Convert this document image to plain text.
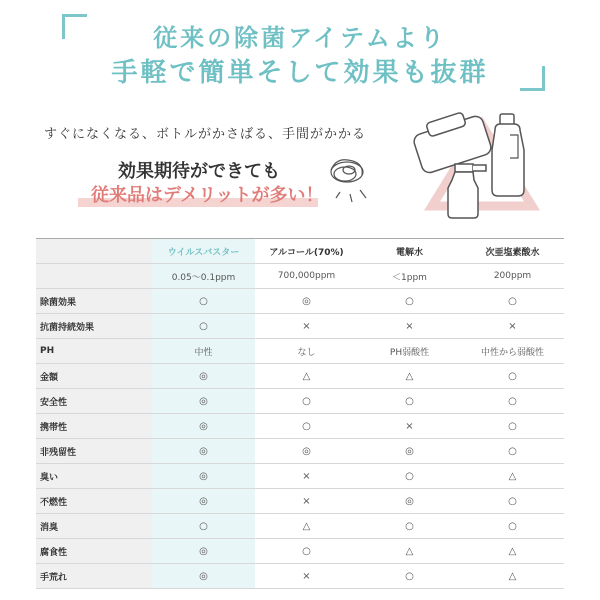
従来の除菌アイテムより
手軽で簡単そして効果も抜群
すぐになくなる、ボトルがかさばる、手間がかかる
効果期待ができても
従来品はデメリットが多い！
	ウイルスバスター	アルコール(70%)	電解水	次亜塩素酸水
	0.05〜0.1ppm	700,000ppm	＜1ppm	200ppm
除菌効果	○	◎	○	○
抗菌持続効果	○	×	×	×
PH	中性	なし	PH弱酸性	中性から弱酸性
金額	◎	△	△	○
安全性	◎	○	○	○
携帯性	◎	○	×	○
非残留性	◎	◎	◎	○
臭い	◎	×	○	△
不燃性	◎	×	◎	○
消臭	○	△	○	○
腐食性	◎	○	△	△
手荒れ	◎	×	○	△
